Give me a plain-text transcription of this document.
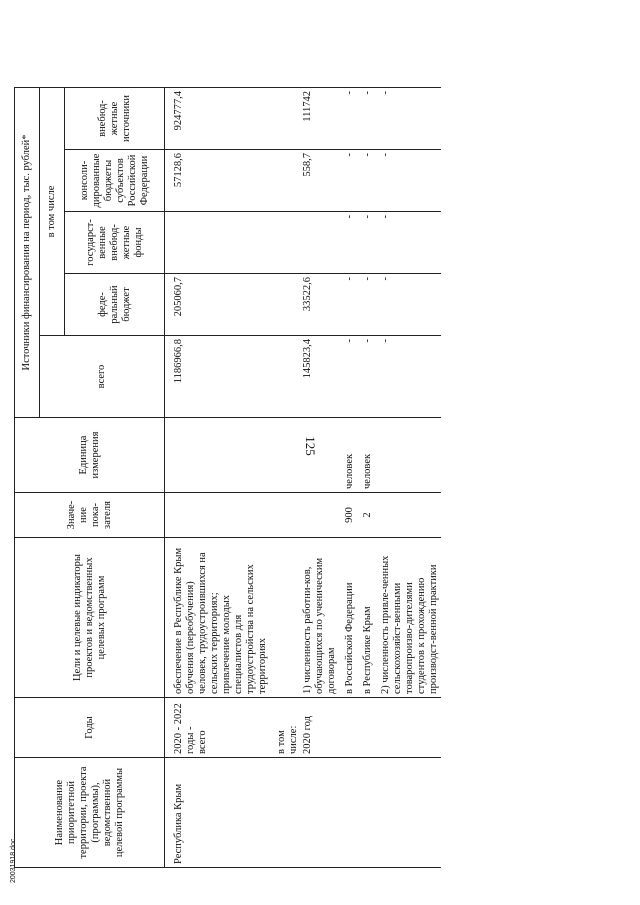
125
20031918.doc
Наименование приоритетной территории, проекта (программы), ведомственной целевой программы	Годы	Цели и целевые индикаторы проектов и ведомственных целевых программ	Значе-ние пока-зателя	Единица измерения	Источники финансирования на период, тыс. рублей*				
					всего	в том числе			
						феде-ральный бюджет	государст-венные внебюд-жетные фонды	консоли-дированные бюджеты субъектов Российской Федерации	внебюд-жетные источники
Республика Крым	2020 - 2022 годы - всего	обеспечение в Республике Крым обучения (переобучения) человек, трудоустроившихся на сельских территориях; привлечение молодых специалистов для трудоустройства на сельских территориях			1186966,8	205060,7		57128,6	924777,4
	в том числе:								
	2020 год	1) численность работни-ков, обучающихся по ученическим договорам			145823,4	33522,6		558,7	111742
		в Российской Федерации	900	человек	-	-	-	-	-
		в Республике Крым	2	человек	-	-	-	-	-
		2) численность привле-ченных сельскохозяйст-венными товаропроизво-дителями студентов к прохождению производст-венной практики			-	-	-	-	-
